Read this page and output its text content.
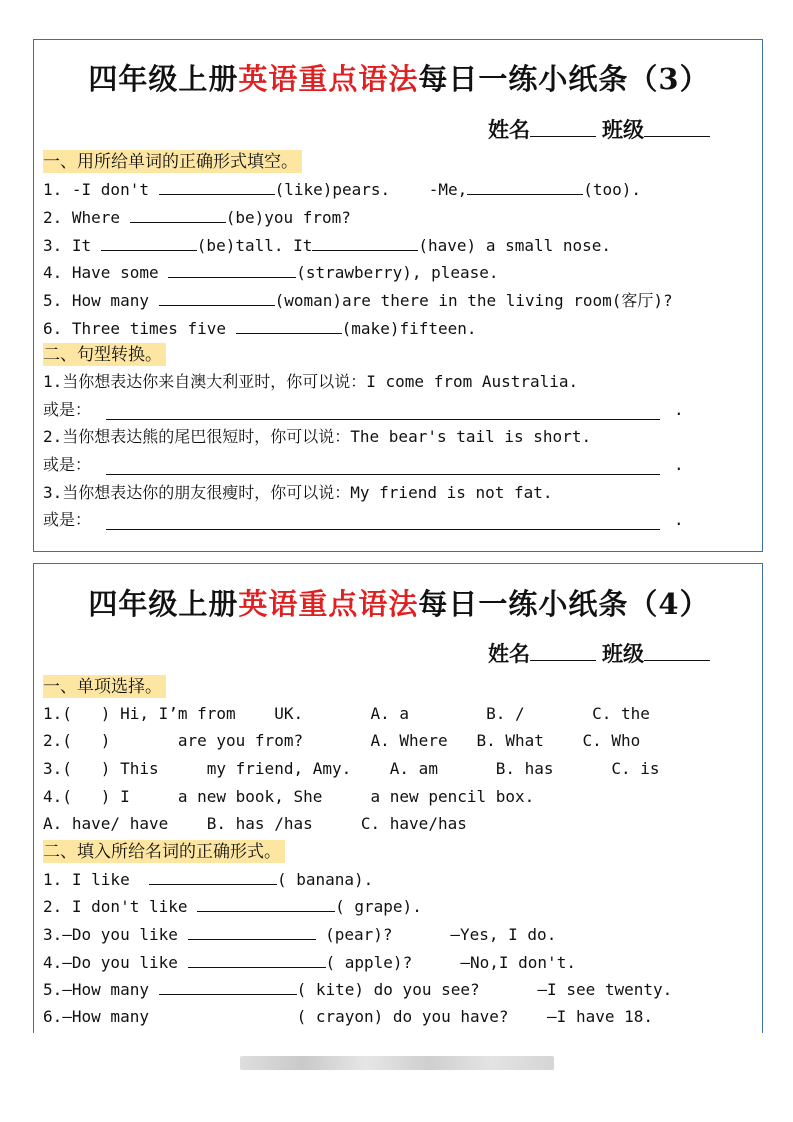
四年级上册英语重点语法每日一练小纸条（3）
姓名	班级
一、用所给单词的正确形式填空。
1. -I don't	(like)pears.    -Me,	(too).
2. Where	(be)you from?
3. It	(be)tall. It	(have) a small nose.
4. Have some	(strawberry), please.
5. How many	(woman)are there in the living room(客厅)?
6. Three times five	(make)fifteen.
二、句型转换。
1.当你想表达你来自澳大利亚时，你可以说：I come from Australia.
或是：	.
2.当你想表达熊的尾巴很短时，你可以说：The bear's tail is short.
或是：	.
3.当你想表达你的朋友很瘦时，你可以说：My friend is not fat.
或是：	.
四年级上册英语重点语法每日一练小纸条（4）
姓名	班级
一、单项选择。
1.(   ) Hi, I’m from    UK.       A. a        B. /       C. the
2.(   )       are you from?       A. Where   B. What    C. Who
3.(   ) This     my friend, Amy.    A. am      B. has      C. is
4.(   ) I     a new book, She     a new pencil box.
A. have/ have    B. has /has     C. have/has
二、填入所给名词的正确形式。
1. I like	( banana).
2. I don't like	( grape).
3.—Do you like	(pear)?      —Yes, I do.
4.—Do you like	( apple)?     —No,I don't.
5.—How many	( kite) do you see?      —I see twenty.
6.—How many	( crayon) do you have?    —I have 18.
